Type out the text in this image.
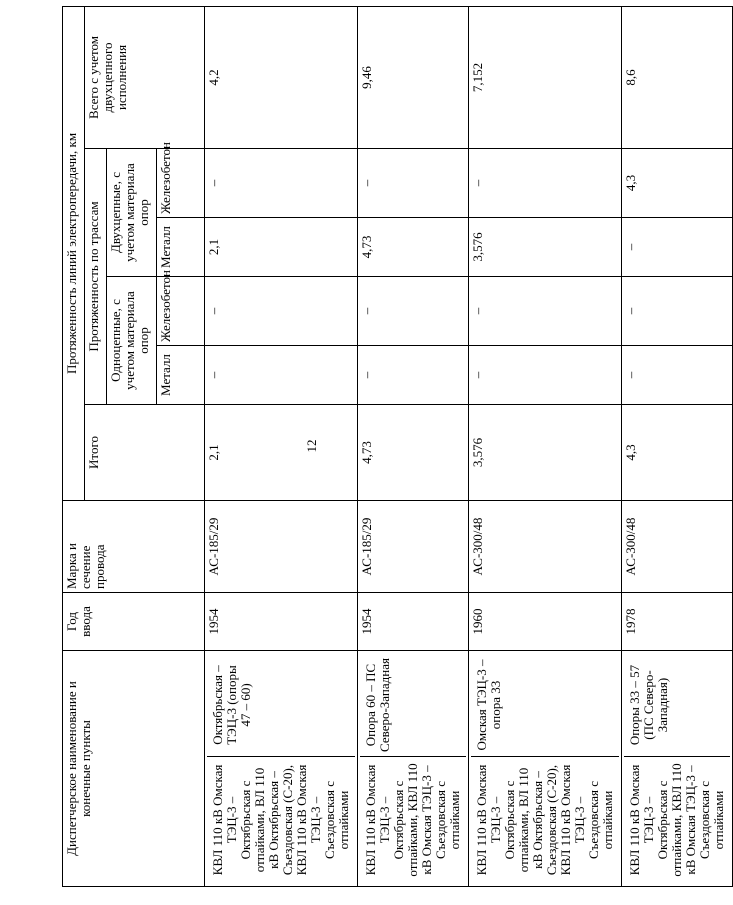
12
Диспетчерское наименование и конечные пункты	Год ввода	Марка и сечение провода	Протяженность линий электропередачи, км					
			Итого	Протяженность по трассам				Всего с учетом двухцепного исполнения
				Одноцепные, с учетом материала опор		Двухцепные, с учетом материала опор		
				Металл	Железобетон	Металл	Железобетон	

КВЛ 110 кВ Омская ТЭЦ-3 – Октябрьская с отпайками, ВЛ 110 кВ Октябрьская – Съездовская (С-20), КВЛ 110 кВ Омская ТЭЦ-3 – Съездовская с отпайками
Октябрьская – ТЭЦ-3 (опоры 47 – 60)	1954	АС-185/29	2,1	–	–	2,1	–	4,2

КВЛ 110 кВ Омская ТЭЦ-3 – Октябрьская с отпайками, КВЛ 110 кВ Омская ТЭЦ-3 – Съездовская с отпайками
Опора 60 – ПС Северо-Западная	1954	АС-185/29	4,73	–	–	4,73	–	9,46

КВЛ 110 кВ Омская ТЭЦ-3 – Октябрьская с отпайками, ВЛ 110 кВ Октябрьская – Съездовская (С-20), КВЛ 110 кВ Омская ТЭЦ-3 – Съездовская с отпайками
Омская ТЭЦ-3 – опора 33	1960	АС-300/48	3,576	–	–	3,576	–	7,152

КВЛ 110 кВ Омская ТЭЦ-3 – Октябрьская с отпайками, КВЛ 110 кВ Омская ТЭЦ-3 – Съездовская с отпайками
Опоры 33 – 57 (ПС Северо-Западная)	1978	АС-300/48	4,3	–	–	–	4,3	8,6
